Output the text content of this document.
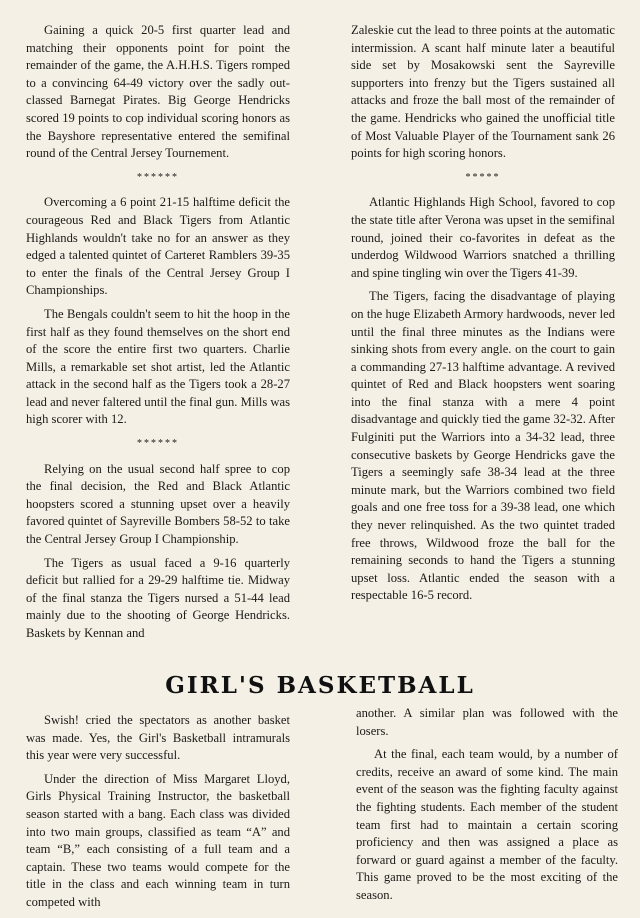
Gaining a quick 20-5 first quarter lead and matching their opponents point for point the remainder of the game, the A.H.H.S. Tigers romped to a convincing 64-49 victory over the sadly out-classed Barnegat Pirates. Big George Hendricks scored 19 points to cop individual scoring honors as the Bayshore representative entered the semifinal round of the Central Jersey Tournement.

******

Overcoming a 6 point 21-15 halftime deficit the courageous Red and Black Tigers from Atlantic Highlands wouldn't take no for an answer as they edged a talented quintet of Carteret Ramblers 39-35 to enter the finals of the Central Jersey Group I Championships.

The Bengals couldn't seem to hit the hoop in the first half as they found themselves on the short end of the score the entire first two quarters. Charlie Mills, a remarkable set shot artist, led the Atlantic attack in the second half as the Tigers took a 28-27 lead and never faltered until the final gun. Mills was high scorer with 12.

******

Relying on the usual second half spree to cop the final decision, the Red and Black Atlantic hoopsters scored a stunning upset over a heavily favored quintet of Sayreville Bombers 58-52 to take the Central Jersey Group I Championship.

The Tigers as usual faced a 9-16 quarterly deficit but rallied for a 29-29 halftime tie. Midway of the final stanza the Tigers nursed a 51-44 lead mainly due to the shooting of George Hendricks. Baskets by Kennan and

Zaleskie cut the lead to three points at the automatic intermission. A scant half minute later a beautiful side set by Mosakowski sent the Sayreville supporters into frenzy but the Tigers sustained all attacks and froze the ball most of the remainder of the game. Hendricks who gained the unofficial title of Most Valuable Player of the Tournament sank 26 points for high scoring honors.

*****

Atlantic Highlands High School, favored to cop the state title after Verona was upset in the semifinal round, joined their co-favorites in defeat as the underdog Wildwood Warriors snatched a thrilling and spine tingling win over the Tigers 41-39.

The Tigers, facing the disadvantage of playing on the huge Elizabeth Armory hardwoods, never led until the final three minutes as the Indians were sinking shots from every angle. on the court to gain a commanding 27-13 halftime advantage. A revived quintet of Red and Black hoopsters went soaring into the final stanza with a mere 4 point disadvantage and quickly tied the game 32-32. After Fulginiti put the Warriors into a 34-32 lead, three consecutive baskets by George Hendricks gave the Tigers a seemingly safe 38-34 lead at the three minute mark, but the Warriors combined two field goals and one free toss for a 39-38 lead, one which they never relinquished. As the two quintet traded free throws, Wildwood froze the ball for the remaining seconds to hand the Tigers a stunning upset loss. Atlantic ended the season with a respectable 16-5 record.

GIRL'S BASKETBALL

Swish! cried the spectators as another basket was made. Yes, the Girl's Basketball intramurals this year were very successful.

Under the direction of Miss Margaret Lloyd, Girls Physical Training Instructor, the basketball season started with a bang. Each class was divided into two main groups, classified as team “A” and team “B,” each consisting of a full team and a captain. These two teams would compete for the title in the class and each winning team in turn competed with

another. A similar plan was followed with the losers.

At the final, each team would, by a number of credits, receive an award of some kind. The main event of the season was the fighting faculty against the fighting students. Each member of the student team first had to maintain a certain scoring proficiency and then was assigned a place as forward or guard against a member of the faculty. This game proved to be the most exciting of the season.
